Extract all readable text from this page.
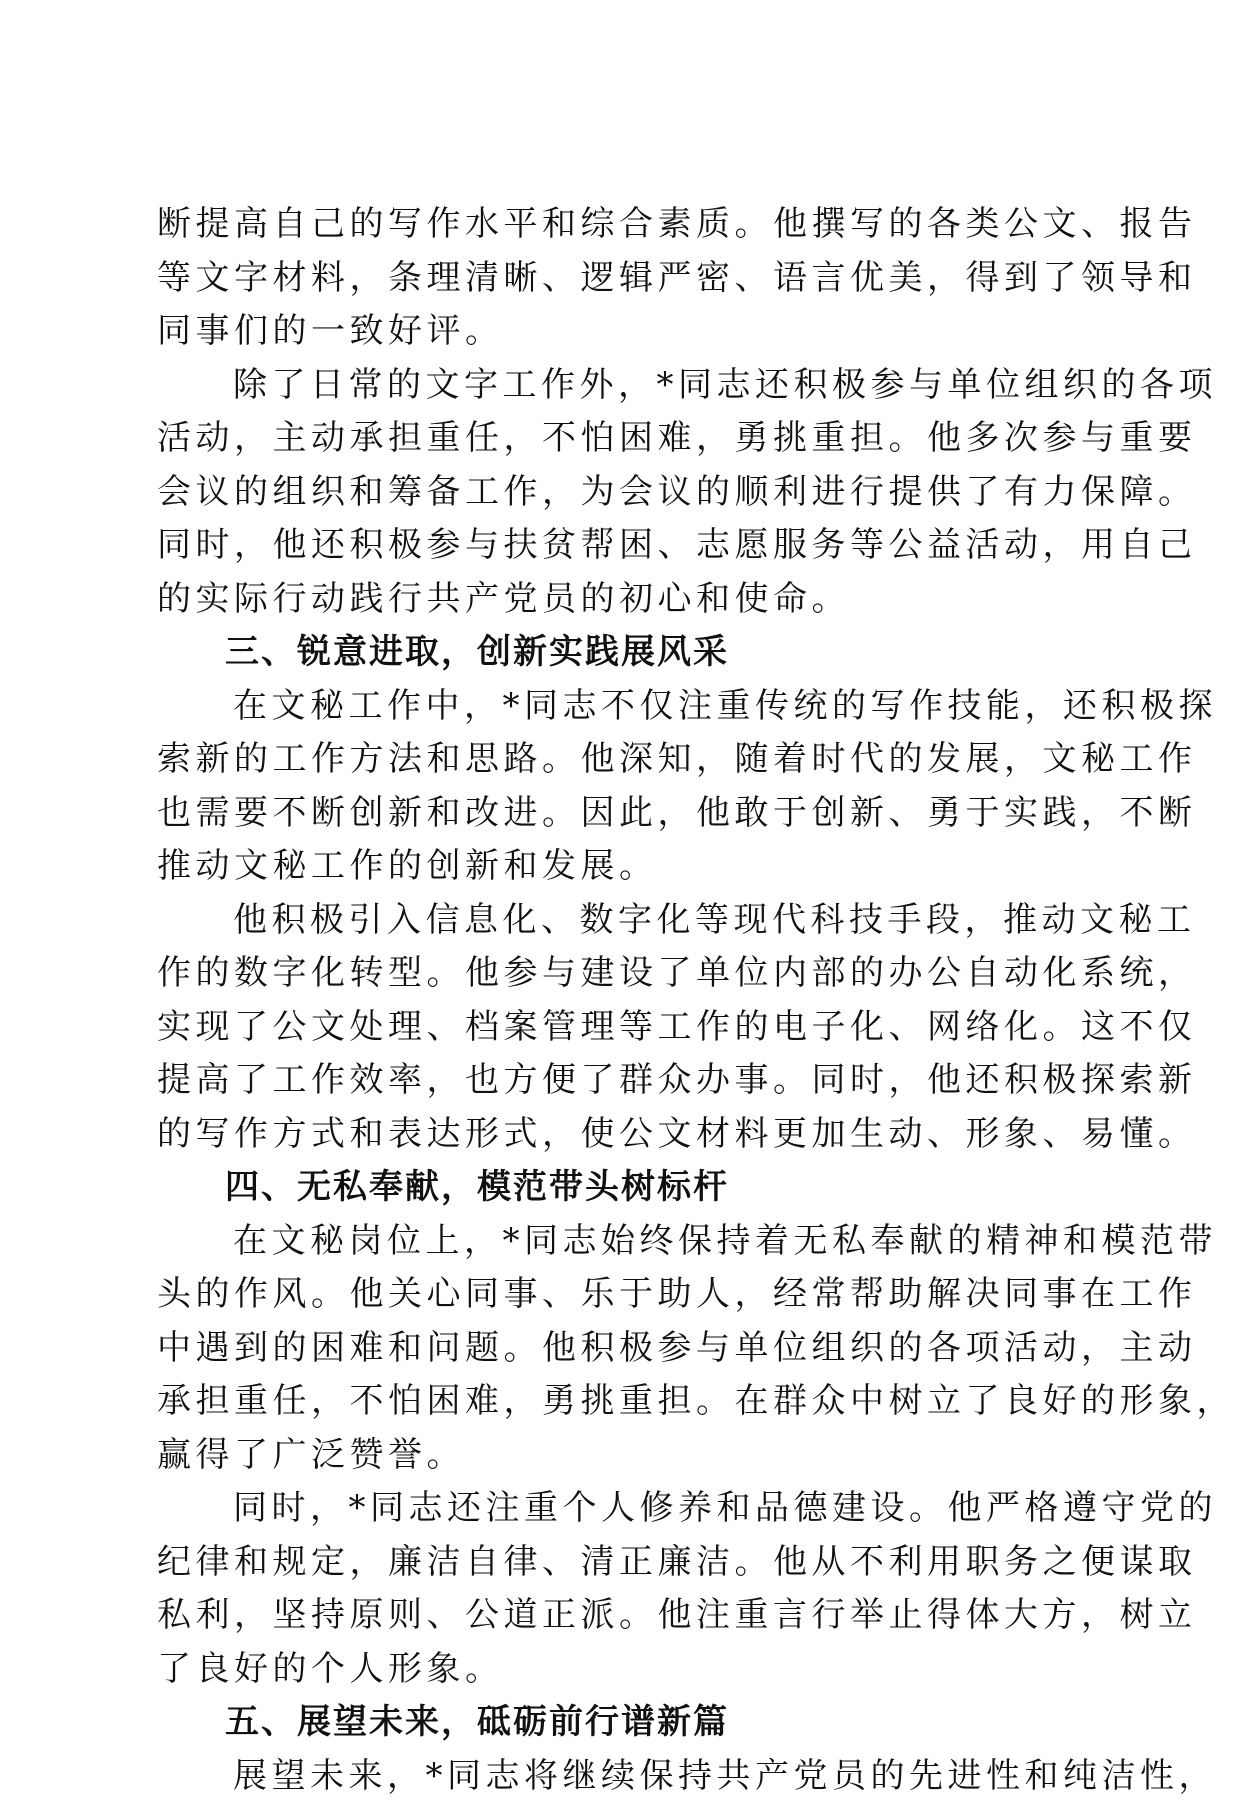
断提高自己的写作水平和综合素质。他撰写的各类公文、报告
等文字材料，条理清晰、逻辑严密、语言优美，得到了领导和
同事们的一致好评。
除了日常的文字工作外，*同志还积极参与单位组织的各项
活动，主动承担重任，不怕困难，勇挑重担。他多次参与重要
会议的组织和筹备工作，为会议的顺利进行提供了有力保障。
同时，他还积极参与扶贫帮困、志愿服务等公益活动，用自己
的实际行动践行共产党员的初心和使命。
三、锐意进取，创新实践展风采
在文秘工作中，*同志不仅注重传统的写作技能，还积极探
索新的工作方法和思路。他深知，随着时代的发展，文秘工作
也需要不断创新和改进。因此，他敢于创新、勇于实践，不断
推动文秘工作的创新和发展。
他积极引入信息化、数字化等现代科技手段，推动文秘工
作的数字化转型。他参与建设了单位内部的办公自动化系统，
实现了公文处理、档案管理等工作的电子化、网络化。这不仅
提高了工作效率，也方便了群众办事。同时，他还积极探索新
的写作方式和表达形式，使公文材料更加生动、形象、易懂。
四、无私奉献，模范带头树标杆
在文秘岗位上，*同志始终保持着无私奉献的精神和模范带
头的作风。他关心同事、乐于助人，经常帮助解决同事在工作
中遇到的困难和问题。他积极参与单位组织的各项活动，主动
承担重任，不怕困难，勇挑重担。在群众中树立了良好的形象，
赢得了广泛赞誉。
同时，*同志还注重个人修养和品德建设。他严格遵守党的
纪律和规定，廉洁自律、清正廉洁。他从不利用职务之便谋取
私利，坚持原则、公道正派。他注重言行举止得体大方，树立
了良好的个人形象。
五、展望未来，砥砺前行谱新篇
展望未来，*同志将继续保持共产党员的先进性和纯洁性，
